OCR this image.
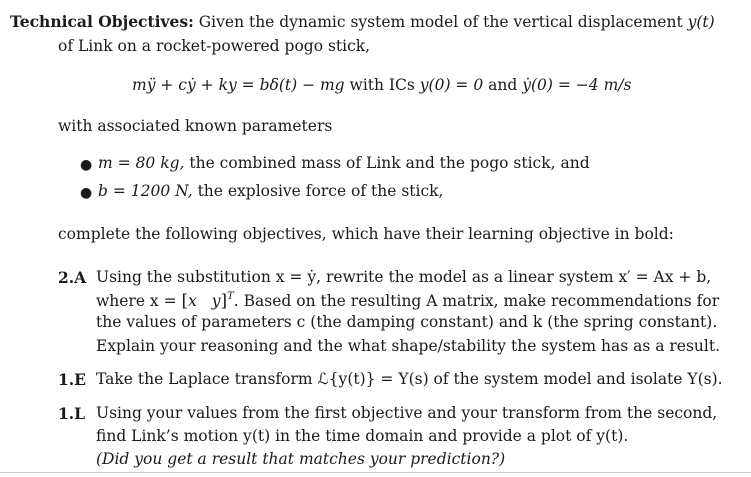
Technical Objectives: Given the dynamic system model of the vertical displacement y(t)
of Link on a rocket-powered pogo stick,
mÿ + cẏ + ky = bδ(t) − mg with ICs y(0) = 0 and ẏ(0) = −4 m/s
with associated known parameters
● m = 80 kg, the combined mass of Link and the pogo stick, and
● b = 1200 N, the explosive force of the stick,
complete the following objectives, which have their learning objective in bold:
2.A Using the substitution x = ẏ, rewrite the model as a linear system x′ = Ax + b,
where x = [x   y]$^T$. Based on the resulting A matrix, make recommendations for
the values of parameters c (the damping constant) and k (the spring constant).
Explain your reasoning and the what shape/stability the system has as a result.
1.E Take the Laplace transform ℒ{y(t)} = Y(s) of the system model and isolate Y(s).
1.L Using your values from the first objective and your transform from the second,
find Link’s motion y(t) in the time domain and provide a plot of y(t).
(Did you get a result that matches your prediction?)
